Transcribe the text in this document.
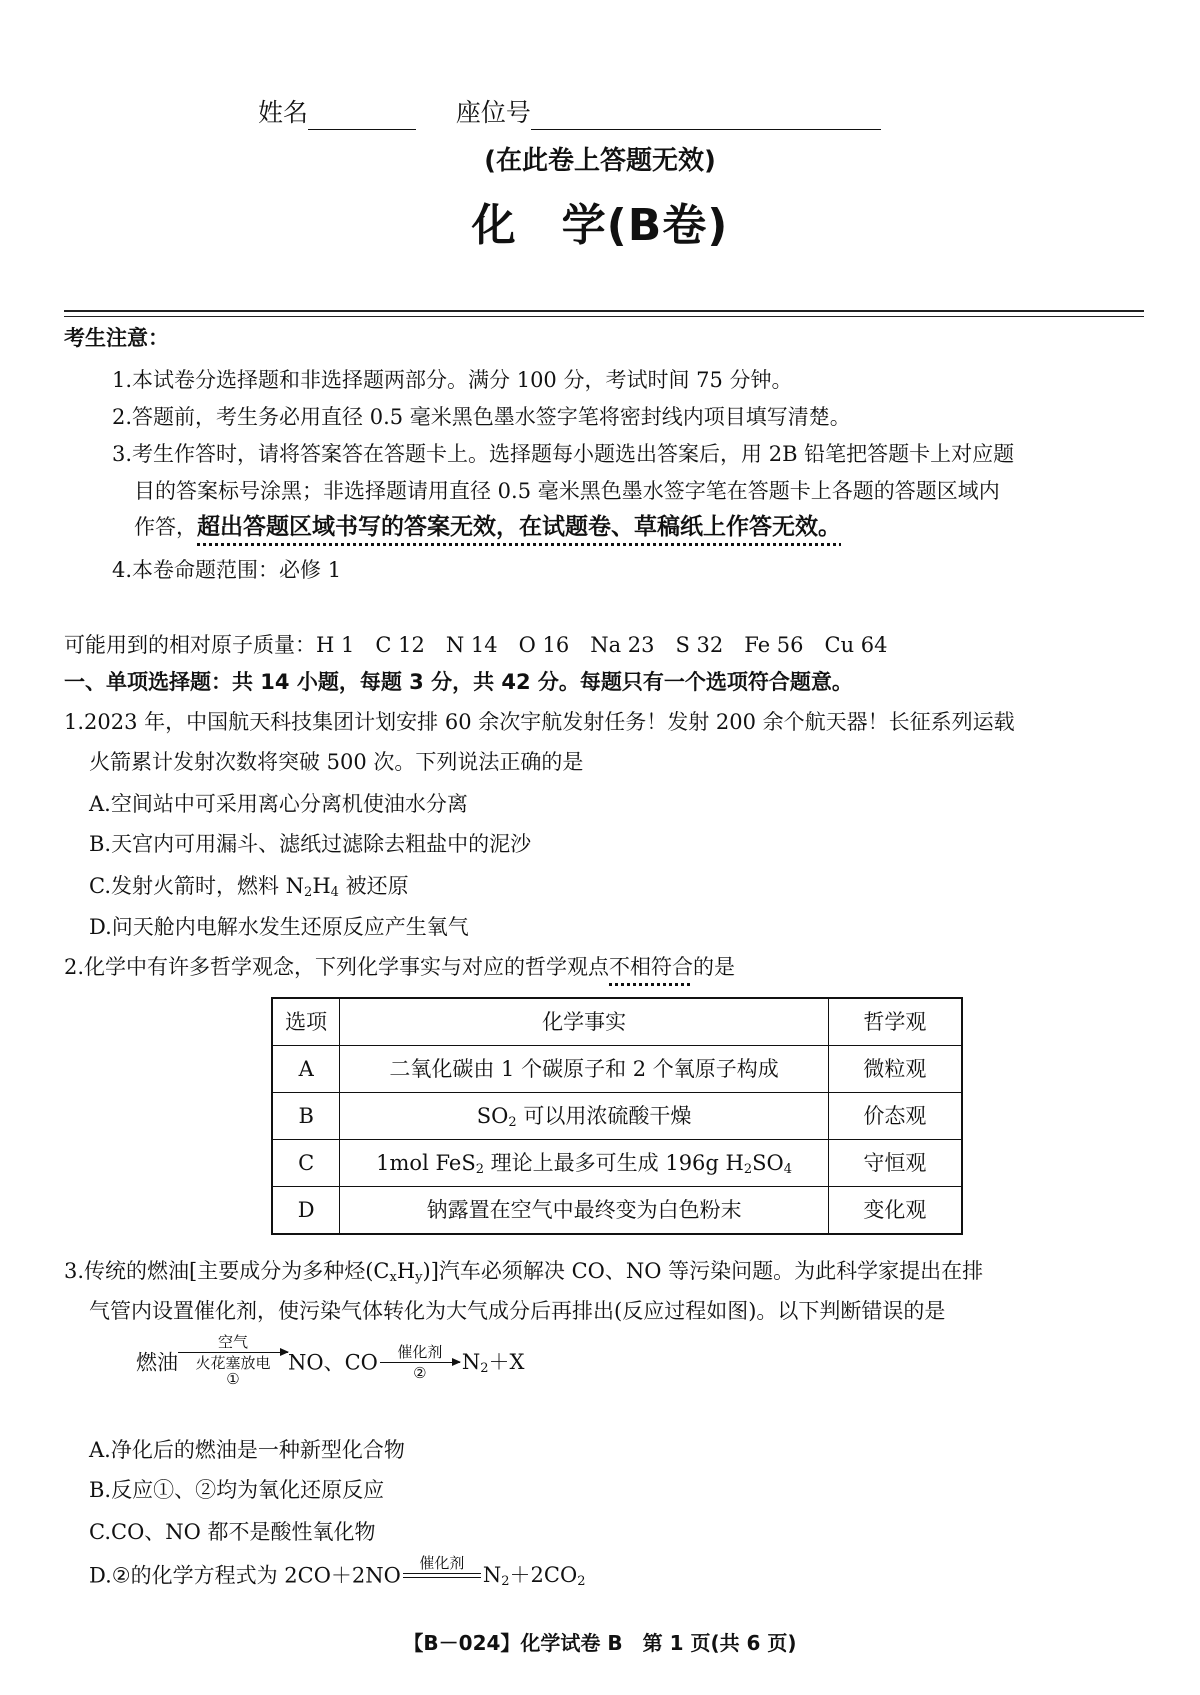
姓名	座位号
(在此卷上答题无效)
化　学(B卷)
考生注意：
1.本试卷分选择题和非选择题两部分。满分 100 分，考试时间 75 分钟。
2.答题前，考生务必用直径 0.5 毫米黑色墨水签字笔将密封线内项目填写清楚。
3.考生作答时，请将答案答在答题卡上。选择题每小题选出答案后，用 2B 铅笔把答题卡上对应题
目的答案标号涂黑；非选择题请用直径 0.5 毫米黑色墨水签字笔在答题卡上各题的答题区域内
作答，超出答题区域书写的答案无效，在试题卷、草稿纸上作答无效。
4.本卷命题范围：必修 1
可能用到的相对原子质量：H 1　C 12　N 14　O 16　Na 23　S 32　Fe 56　Cu 64
一、单项选择题：共 14 小题，每题 3 分，共 42 分。每题只有一个选项符合题意。
1.2023 年，中国航天科技集团计划安排 60 余次宇航发射任务！发射 200 余个航天器！长征系列运载
火箭累计发射次数将突破 500 次。下列说法正确的是
A.空间站中可采用离心分离机使油水分离
B.天宫内可用漏斗、滤纸过滤除去粗盐中的泥沙
C.发射火箭时，燃料 $N_2H_4$ 被还原
D.问天舱内电解水发生还原反应产生氧气
2.化学中有许多哲学观念，下列化学事实与对应的哲学观点不相符合的是
选项	化学事实	哲学观
A	二氧化碳由 1 个碳原子和 2 个氧原子构成	微粒观
B	$SO_2$ 可以用浓硫酸干燥	价态观
C	1mol FeS$_2$ 理论上最多可生成 196g $H_2SO_4$	守恒观
D	钠露置在空气中最终变为白色粉末	变化观
3.传统的燃油[主要成分为多种烃$(C_xH_y)$]汽车必须解决 CO、NO 等污染问题。为此科学家提出在排
气管内设置催化剂，使污染气体转化为大气成分后再排出(反应过程如图)。以下判断错误的是
燃油
空气
火花塞放电
①
NO、CO	催化剂
②	$N_2+X$
A.净化后的燃油是一种新型化合物
B.反应①、②均为氧化还原反应
C.CO、NO 都不是酸性氧化物
D.②的化学方程式为 2CO＋2NO
催化剂
$N_2+2CO_2$
【B－024】化学试卷 B　第 1 页(共 6 页)
